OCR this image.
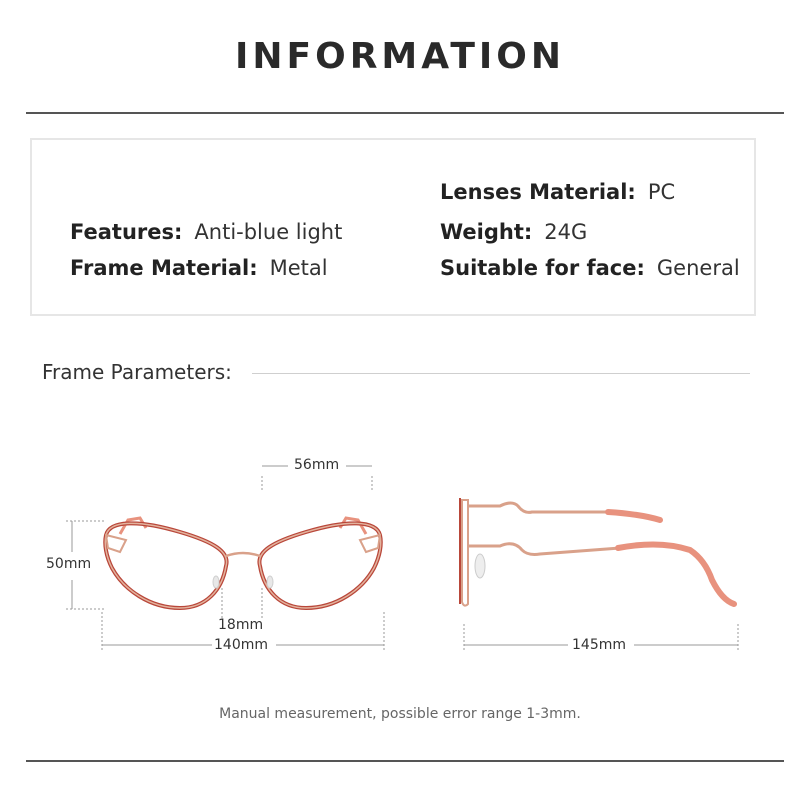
INFORMATION
Lenses Material: PC
Features: Anti-blue light	Weight: 24G
Frame Material: Metal	Suitable for face: General
Frame Parameters:
56mm
50mm
18mm
140mm	145mm
Manual measurement, possible error range 1-3mm.
